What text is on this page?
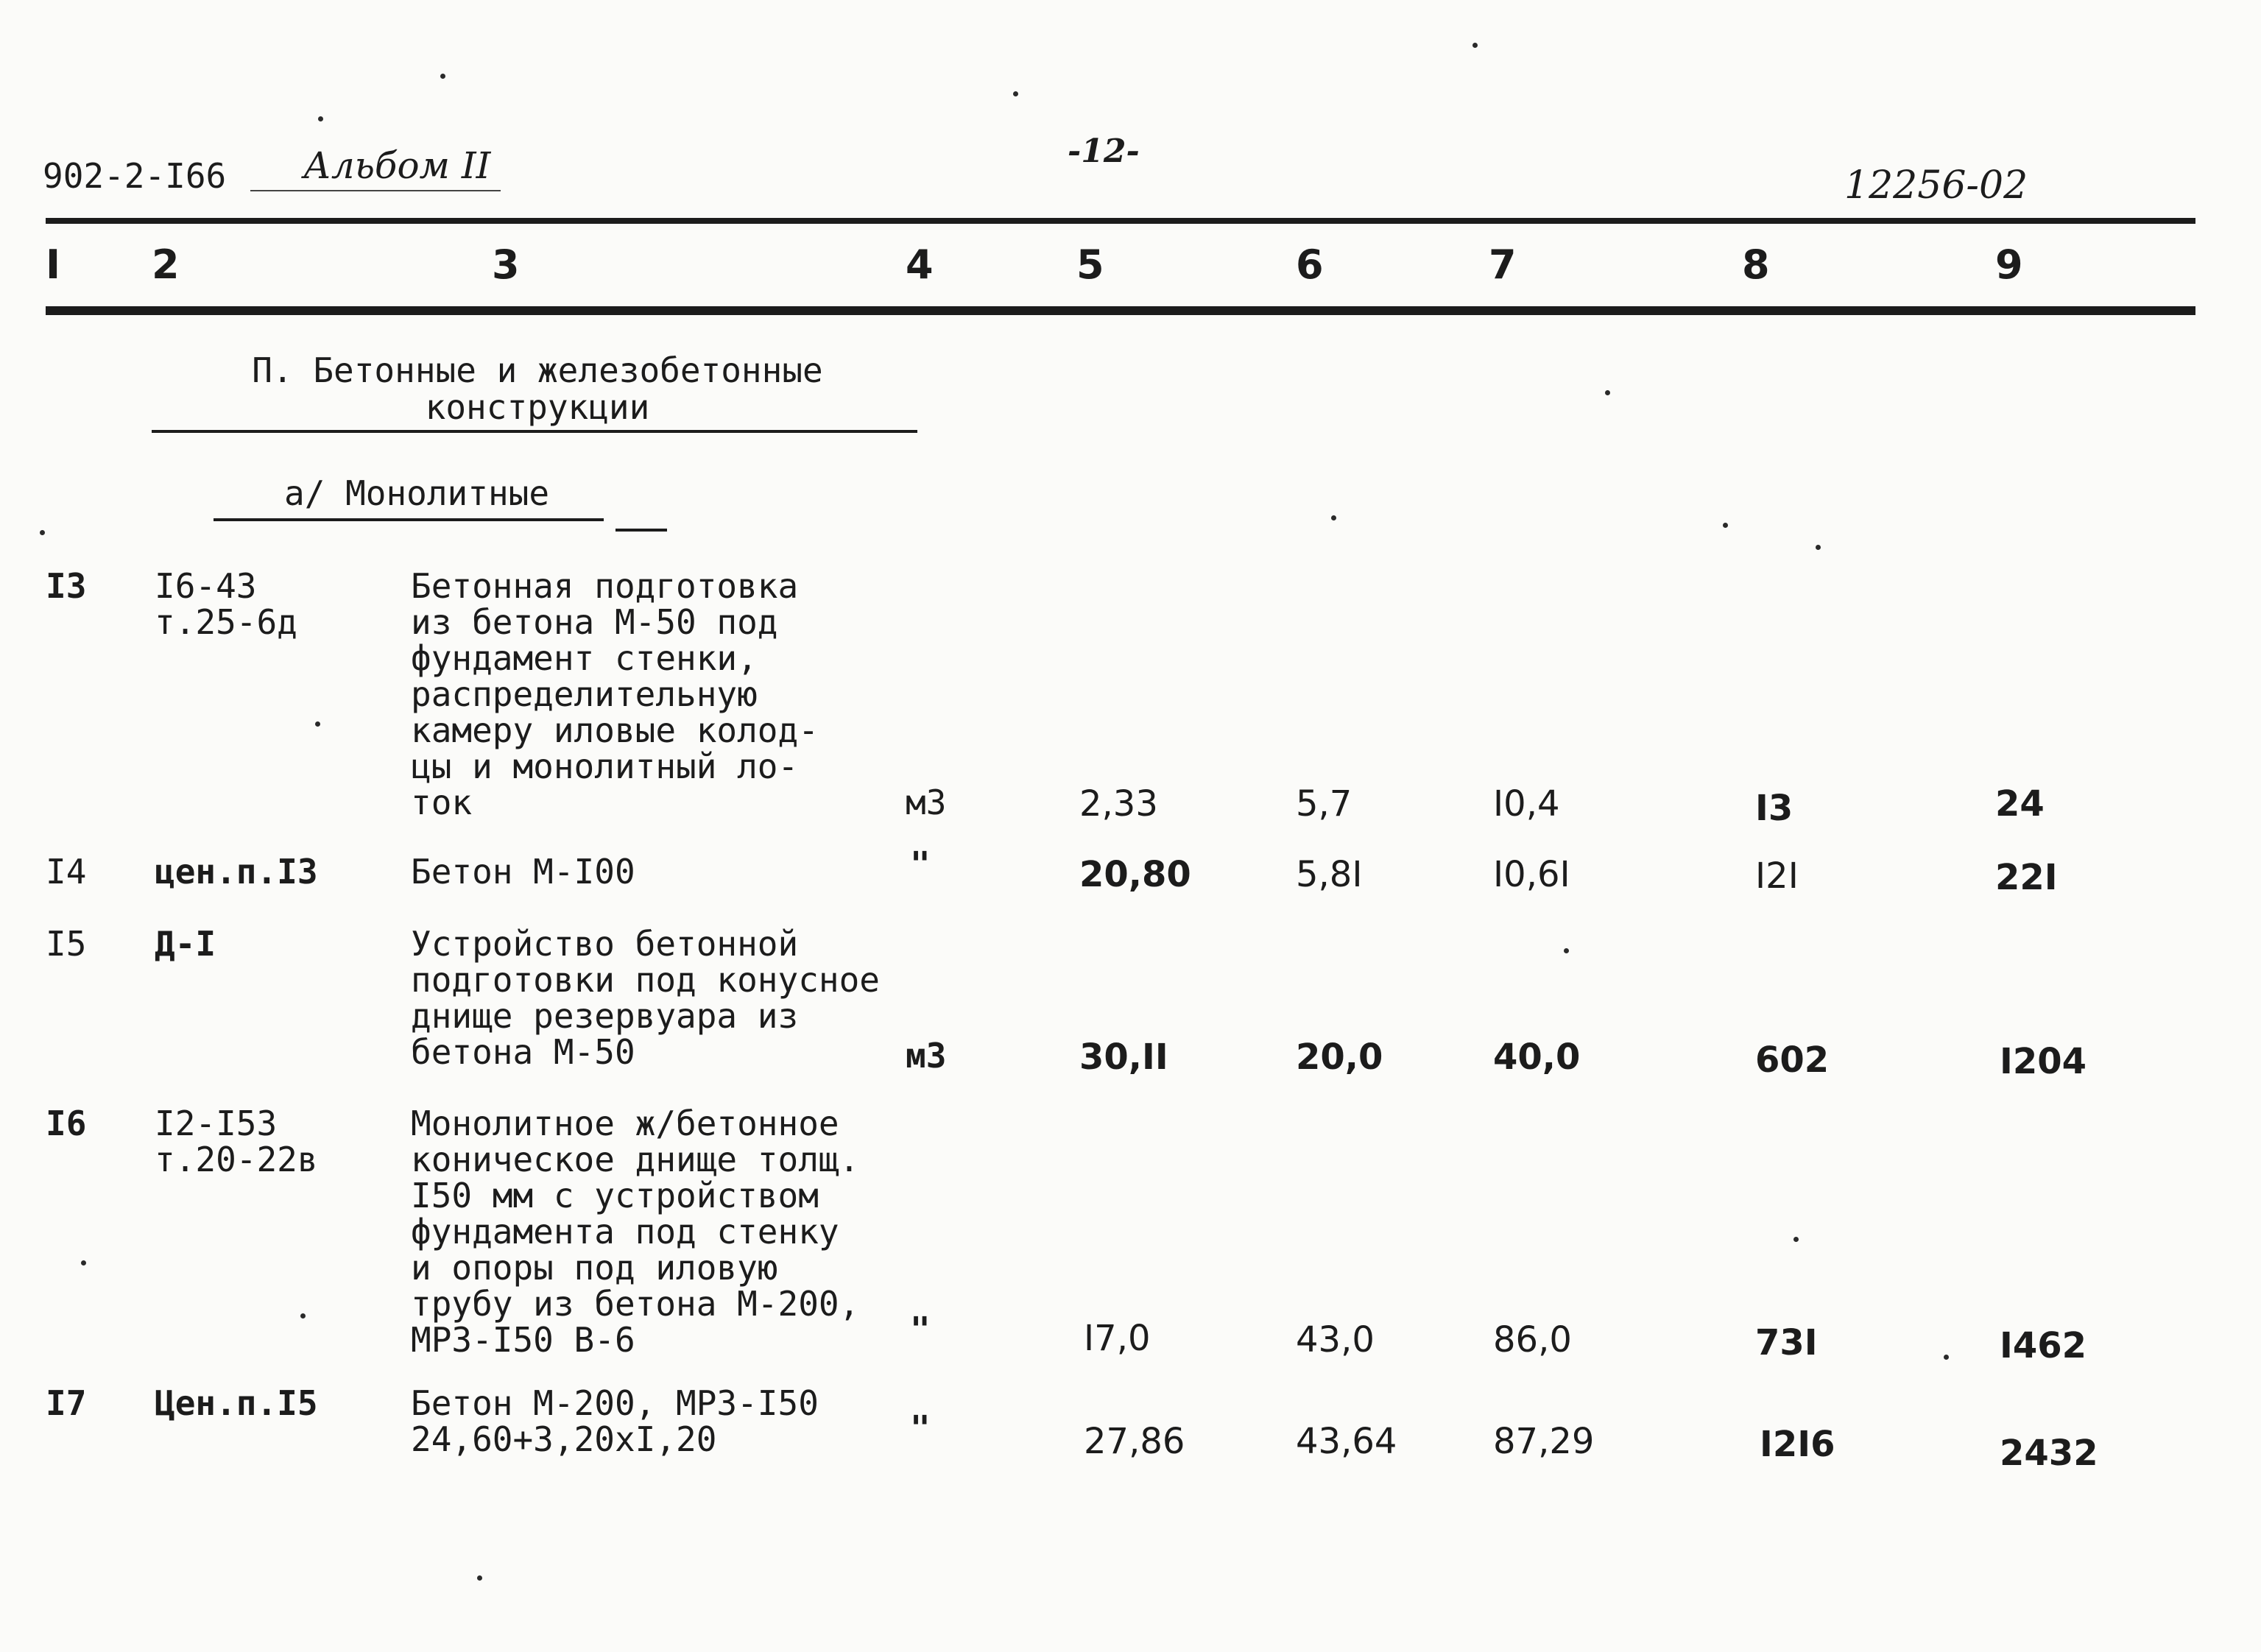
902-2-I66 Альбом II	-12-
12256-02
I 2	3	4	5	6	7	8	9
П. Бетонные и железобетонные
конструкции
а/ Монолитные
I3 I6-43
т.25-6д
Бетонная подготовка
из бетона М-50 под
фундамент стенки,
распределительную
камеру иловые колод-
цы и монолитный ло-
ток	м3	2,33	5,7	I0,4	I3	24
I4 цен.п.I3	Бетон М-I00	"	20,80	5,8I	I0,6I	I2I	22I
I5 Д-I	Устройство бетонной
подготовки под конусное
днище резервуара из
бетона М-50	м3	30,II	20,0	40,0	602	I204
I6 I2-I53
т.20-22в
Монолитное ж/бетонное
коническое днище толщ.
I50 мм с устройством
фундамента под стенку
и опоры под иловую
трубу из бетона М-200,
МРЗ-I50 В-6	"	I7,0	43,0	86,0	73I	I462
I7 Цен.п.I5	Бетон М-200, МРЗ-I50
24,60+3,20хI,20	"	27,86	43,64	87,29	I2I6	2432
